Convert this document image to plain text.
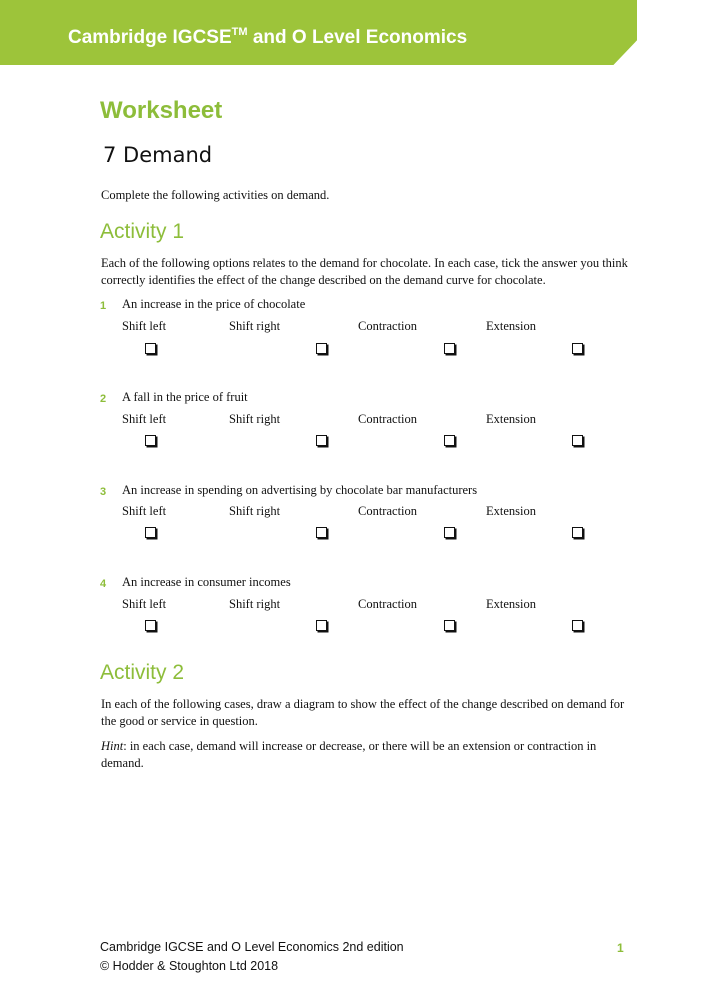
Cambridge IGCSE™ and O Level Economics
Worksheet
7 Demand
Complete the following activities on demand.
Activity 1
Each of the following options relates to the demand for chocolate. In each case, tick the answer you think correctly identifies the effect of the change described on the demand curve for chocolate.
1 An increase in the price of chocolate
Shift left	Shift right	Contraction	Extension
2 A fall in the price of fruit
Shift left	Shift right	Contraction	Extension
3 An increase in spending on advertising by chocolate bar manufacturers
Shift left	Shift right	Contraction	Extension
4 An increase in consumer incomes
Shift left	Shift right	Contraction	Extension
Activity 2
In each of the following cases, draw a diagram to show the effect of the change described on demand for the good or service in question.
Hint: in each case, demand will increase or decrease, or there will be an extension or contraction in demand.
Cambridge IGCSE and O Level Economics 2nd edition
© Hodder & Stoughton Ltd 2018
1
